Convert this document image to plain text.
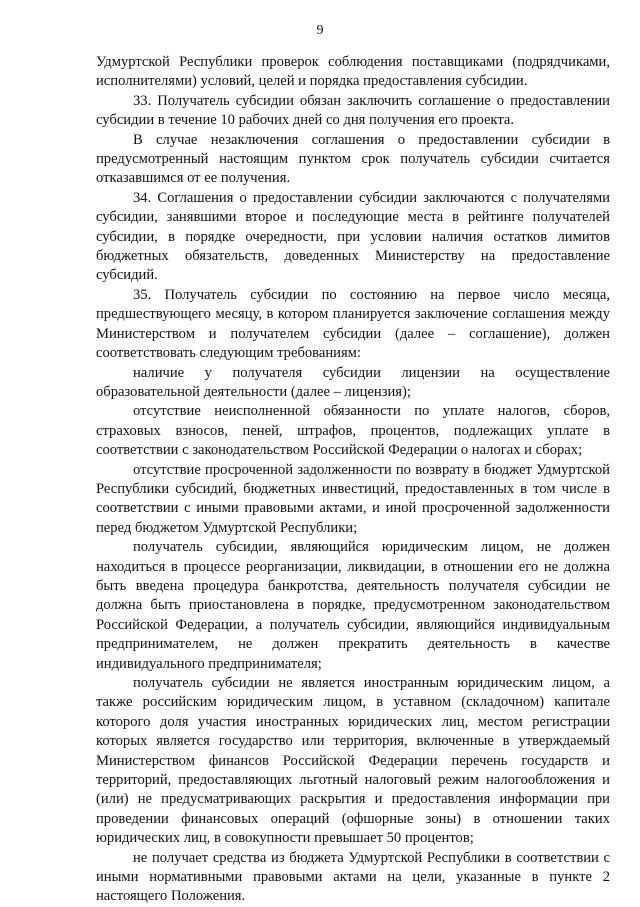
9

Удмуртской Республики проверок соблюдения поставщиками (подрядчиками, исполнителями) условий, целей и порядка предоставления субсидии.

33. Получатель субсидии обязан заключить соглашение о предоставлении субсидии в течение 10 рабочих дней со дня получения его проекта.

В случае незаключения соглашения о предоставлении субсидии в предусмотренный настоящим пунктом срок получатель субсидии считается отказавшимся от ее получения.

34. Соглашения о предоставлении субсидии заключаются с получателями субсидии, занявшими второе и последующие места в рейтинге получателей субсидии, в порядке очередности, при условии наличия остатков лимитов бюджетных обязательств, доведенных Министерству на предоставление субсидий.

35. Получатель субсидии по состоянию на первое число месяца, предшествующего месяцу, в котором планируется заключение соглашения между Министерством и получателем субсидии (далее – соглашение), должен соответствовать следующим требованиям:

наличие у получателя субсидии лицензии на осуществление образовательной деятельности (далее – лицензия);

отсутствие неисполненной обязанности по уплате налогов, сборов, страховых взносов, пеней, штрафов, процентов, подлежащих уплате в соответствии с законодательством Российской Федерации о налогах и сборах;

отсутствие просроченной задолженности по возврату в бюджет Удмуртской Республики субсидий, бюджетных инвестиций, предоставленных в том числе в соответствии с иными правовыми актами, и иной просроченной задолженности перед бюджетом Удмуртской Республики;

получатель субсидии, являющийся юридическим лицом, не должен находиться в процессе реорганизации, ликвидации, в отношении его не должна быть введена процедура банкротства, деятельность получателя субсидии не должна быть приостановлена в порядке, предусмотренном законодательством Российской Федерации, а получатель субсидии, являющийся индивидуальным предпринимателем, не должен прекратить деятельность в качестве индивидуального предпринимателя;

получатель субсидии не является иностранным юридическим лицом, а также российским юридическим лицом, в уставном (складочном) капитале которого доля участия иностранных юридических лиц, местом регистрации которых является государство или территория, включенные в утверждаемый Министерством финансов Российской Федерации перечень государств и территорий, предоставляющих льготный налоговый режим налогообложения и (или) не предусматривающих раскрытия и предоставления информации при проведении финансовых операций (офшорные зоны) в отношении таких юридических лиц, в совокупности превышает 50 процентов;

не получает средства из бюджета Удмуртской Республики в соответствии с иными нормативными правовыми актами на цели, указанные в пункте 2 настоящего Положения.
